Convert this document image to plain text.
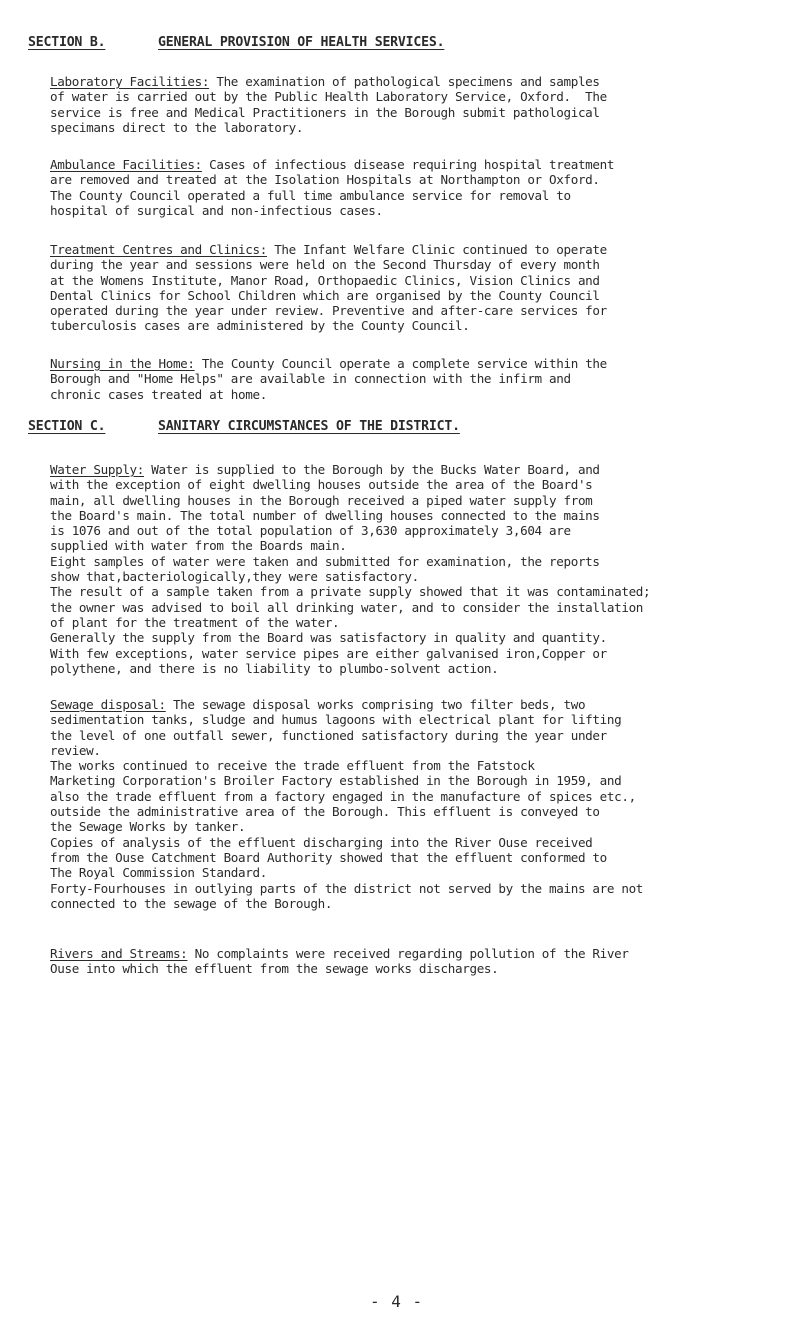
SECTION B.	GENERAL PROVISION OF HEALTH SERVICES.

Laboratory Facilities: The examination of pathological specimens and samples
of water is carried out by the Public Health Laboratory Service, Oxford.  The
service is free and Medical Practitioners in the Borough submit pathological
specimans direct to the laboratory.

Ambulance Facilities: Cases of infectious disease requiring hospital treatment
are removed and treated at the Isolation Hospitals at Northampton or Oxford.
The County Council operated a full time ambulance service for removal to
hospital of surgical and non-infectious cases.

Treatment Centres and Clinics: The Infant Welfare Clinic continued to operate
during the year and sessions were held on the Second Thursday of every month
at the Womens Institute, Manor Road, Orthopaedic Clinics, Vision Clinics and
Dental Clinics for School Children which are organised by the County Council
operated during the year under review. Preventive and after-care services for
tuberculosis cases are administered by the County Council.

Nursing in the Home: The County Council operate a complete service within the
Borough and "Home Helps" are available in connection with the infirm and
chronic cases treated at home.

SECTION C.	SANITARY CIRCUMSTANCES OF THE DISTRICT.

Water Supply: Water is supplied to the Borough by the Bucks Water Board, and
with the exception of eight dwelling houses outside the area of the Board's
main, all dwelling houses in the Borough received a piped water supply from
the Board's main. The total number of dwelling houses connected to the mains
is 1076 and out of the total population of 3,630 approximately 3,604 are
supplied with water from the Boards main.
Eight samples of water were taken and submitted for examination, the reports
show that,bacteriologically,they were satisfactory.
The result of a sample taken from a private supply showed that it was contaminated;
the owner was advised to boil all drinking water, and to consider the installation
of plant for the treatment of the water.
Generally the supply from the Board was satisfactory in quality and quantity.
With few exceptions, water service pipes are either galvanised iron,Copper or
polythene, and there is no liability to plumbo-solvent action.

Sewage disposal: The sewage disposal works comprising two filter beds, two
sedimentation tanks, sludge and humus lagoons with electrical plant for lifting
the level of one outfall sewer, functioned satisfactory during the year under
review.
The works continued to receive the trade effluent from the Fatstock
Marketing Corporation's Broiler Factory established in the Borough in 1959, and
also the trade effluent from a factory engaged in the manufacture of spices etc.,
outside the administrative area of the Borough. This effluent is conveyed to
the Sewage Works by tanker.
Copies of analysis of the effluent discharging into the River Ouse received
from the Ouse Catchment Board Authority showed that the effluent conformed to
The Royal Commission Standard.
Forty-Fourhouses in outlying parts of the district not served by the mains are not
connected to the sewage of the Borough.

Rivers and Streams: No complaints were received regarding pollution of the River
Ouse into which the effluent from the sewage works discharges.

- 4 -
